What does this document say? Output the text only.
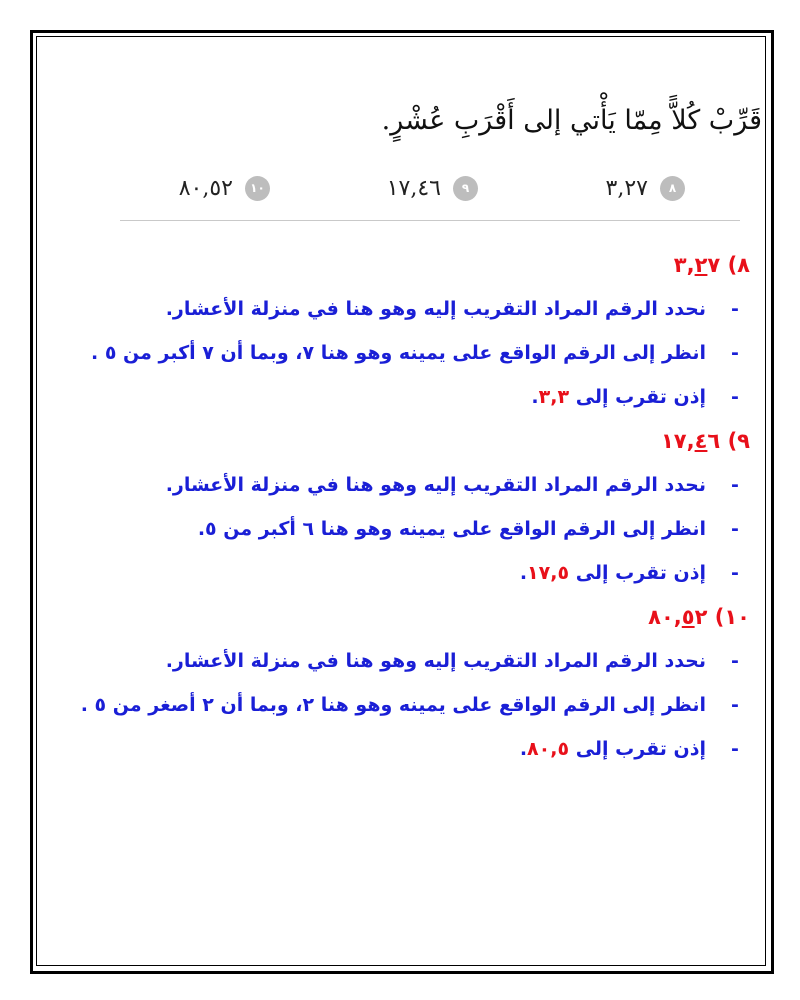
قَرِّبْ كُلاًّ مِمّا يَأْتي إلى أَقْرَبِ عُشْرٍ.
٨
٣,٢٧
٩
١٧,٤٦
١٠
٨٠,٥٢
٨) ٣,٢٧
-نحدد الرقم المراد التقريب إليه وهو هنا في منزلة الأعشار.
-انظر إلى الرقم الواقع على يمينه وهو هنا ٧، وبما أن ٧ أكبر من ٥ .
-إذن تقرب إلى ٣,٣.
٩) ١٧,٤٦
-نحدد الرقم المراد التقريب إليه وهو هنا في منزلة الأعشار.
-انظر إلى الرقم الواقع على يمينه وهو هنا ٦ أكبر من ٥.
-إذن تقرب إلى ١٧,٥.
١٠) ٨٠,٥٢
-نحدد الرقم المراد التقريب إليه وهو هنا في منزلة الأعشار.
-انظر إلى الرقم الواقع على يمينه وهو هنا ٢، وبما أن ٢ أصغر من ٥ .
-إذن تقرب إلى ٨٠,٥.
